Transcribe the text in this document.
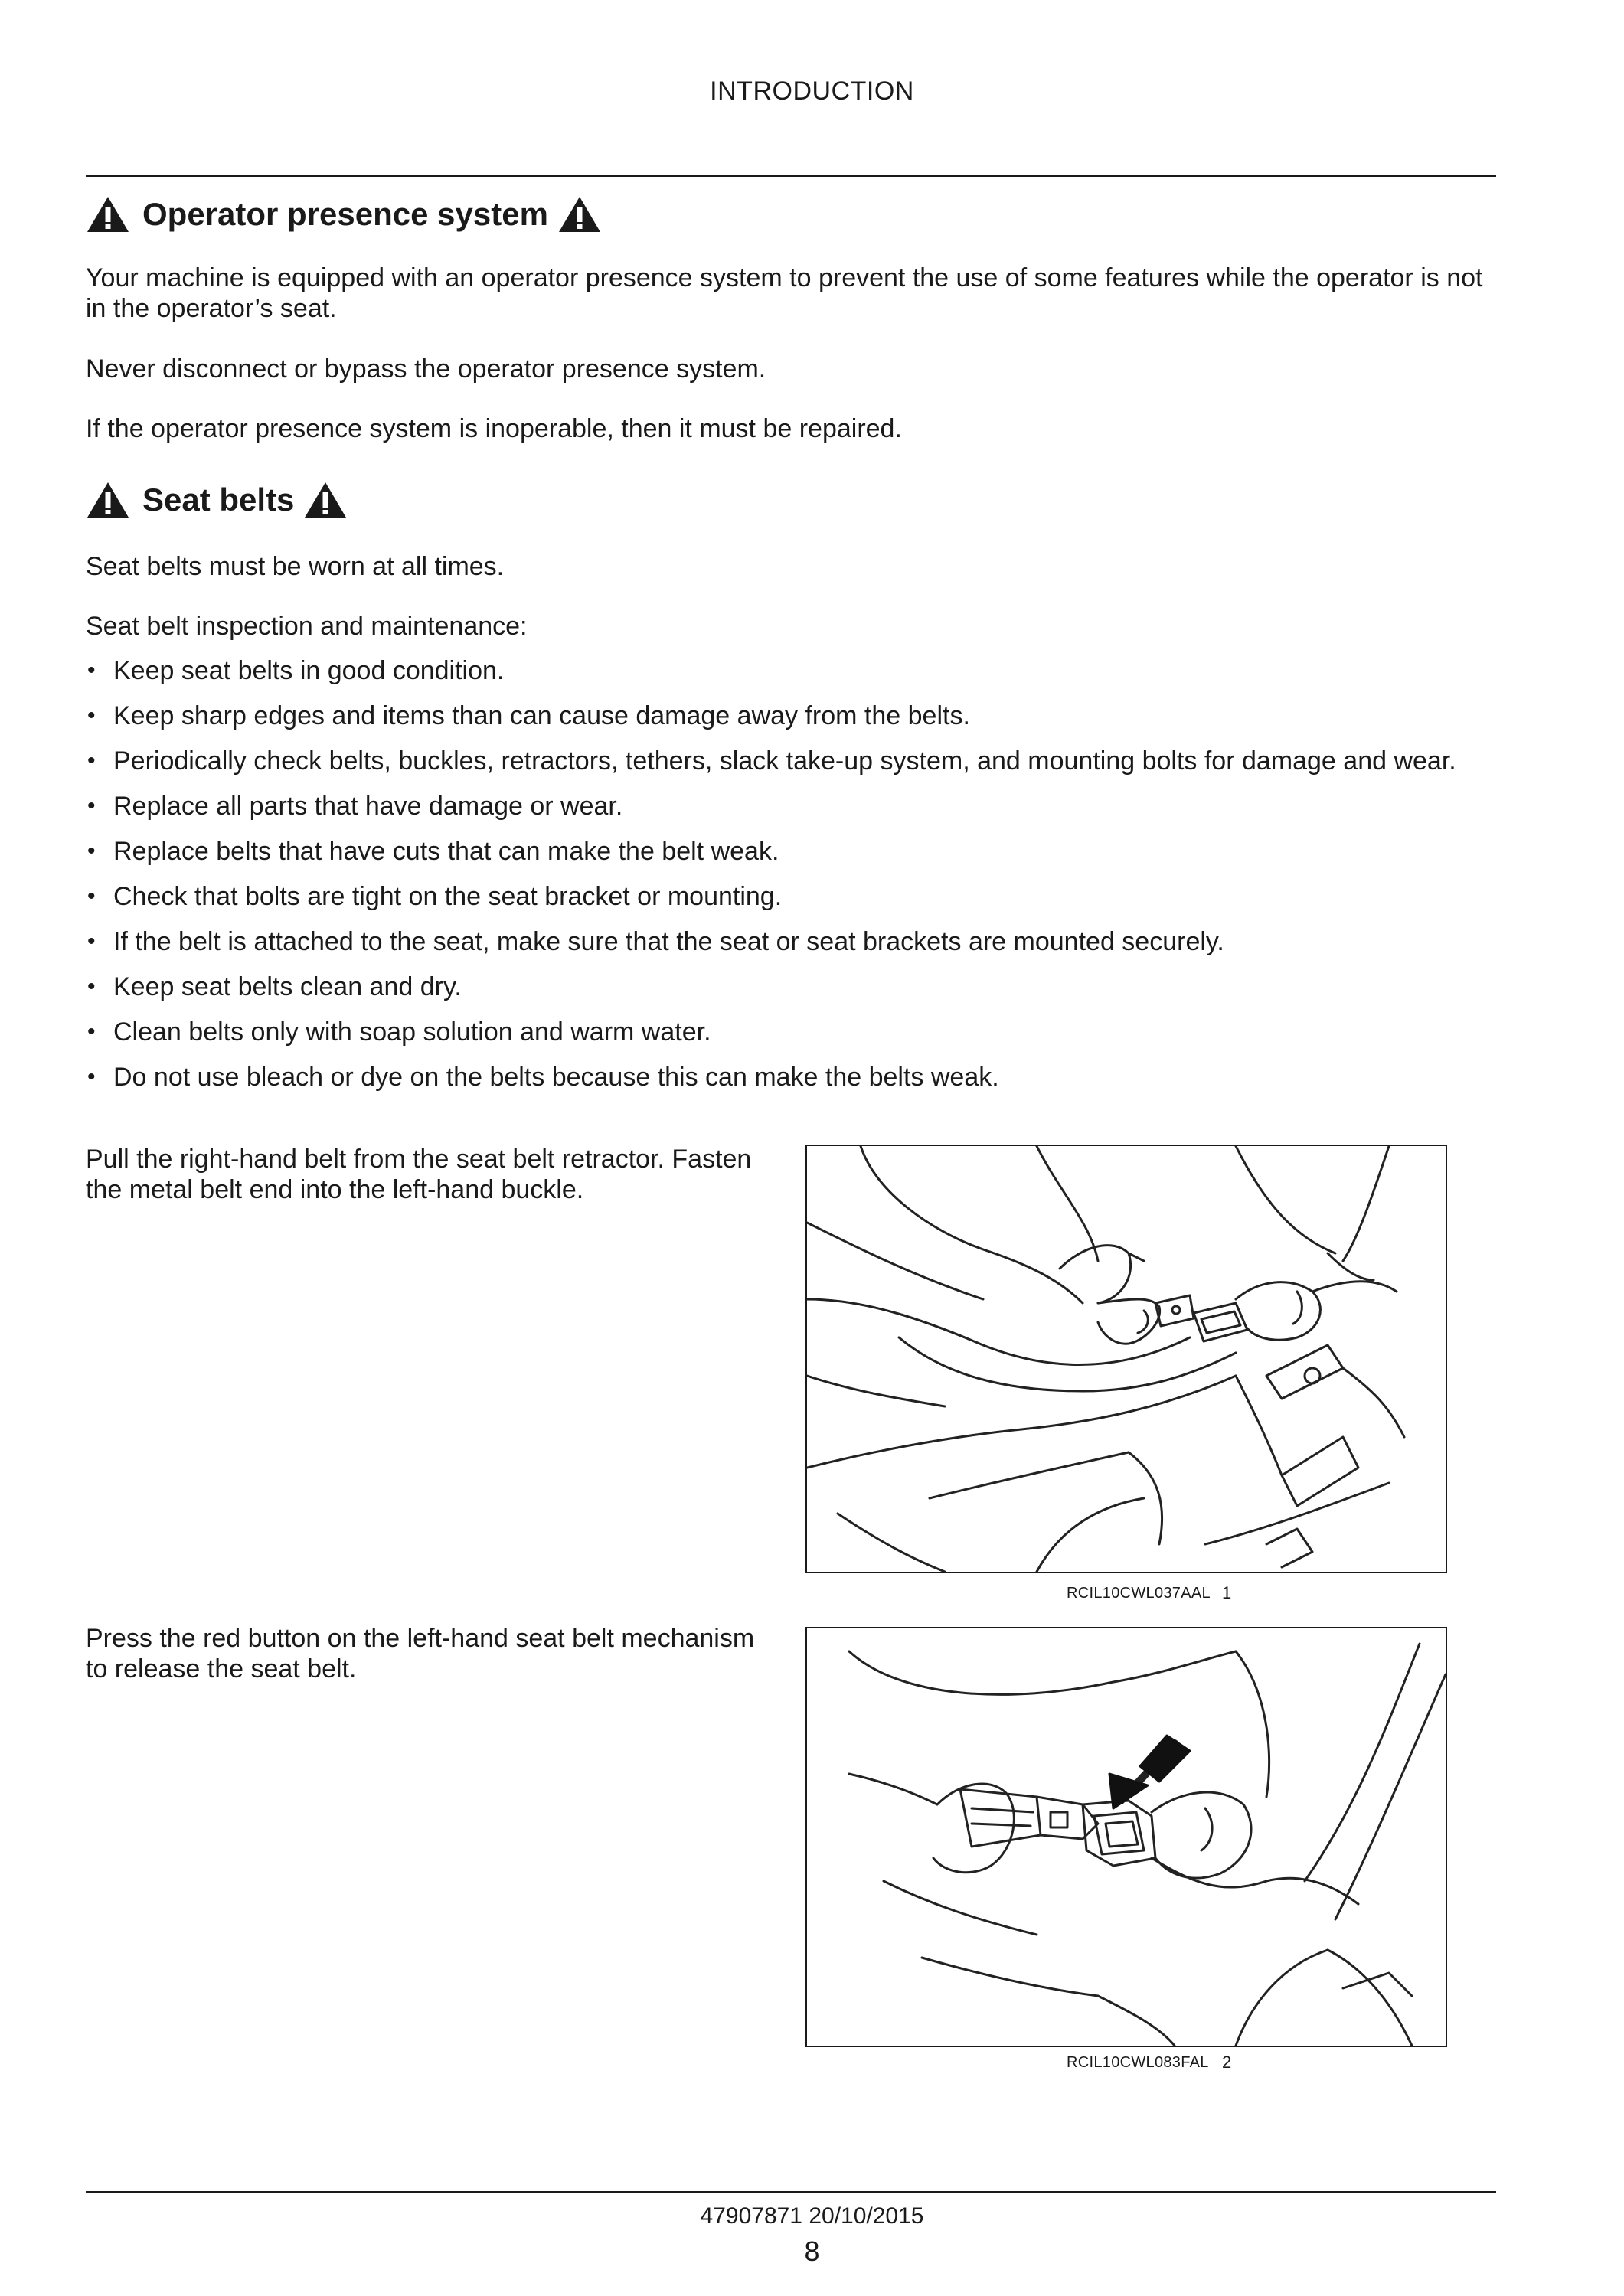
INTRODUCTION
Operator presence system

Your machine is equipped with an operator presence system to prevent the use of some features while the operator is not in the operator’s seat.

Never disconnect or bypass the operator presence system.

If the operator presence system is inoperable, then it must be repaired.

Seat belts

Seat belts must be worn at all times.

Seat belt inspection and maintenance:

• Keep seat belts in good condition.
• Keep sharp edges and items than can cause damage away from the belts.
• Periodically check belts, buckles, retractors, tethers, slack take-up system, and mounting bolts for damage and wear.
• Replace all parts that have damage or wear.
• Replace belts that have cuts that can make the belt weak.
• Check that bolts are tight on the seat bracket or mounting.
• If the belt is attached to the seat, make sure that the seat or seat brackets are mounted securely.
• Keep seat belts clean and dry.
• Clean belts only with soap solution and warm water.
• Do not use bleach or dye on the belts because this can make the belts weak.

Pull the right-hand belt from the seat belt retractor. Fasten the metal belt end into the left-hand buckle.

RCIL10CWL037AAL 1

Press the red button on the left-hand seat belt mechanism to release the seat belt.

RCIL10CWL083FAL 2
47907871 20/10/2015
8
